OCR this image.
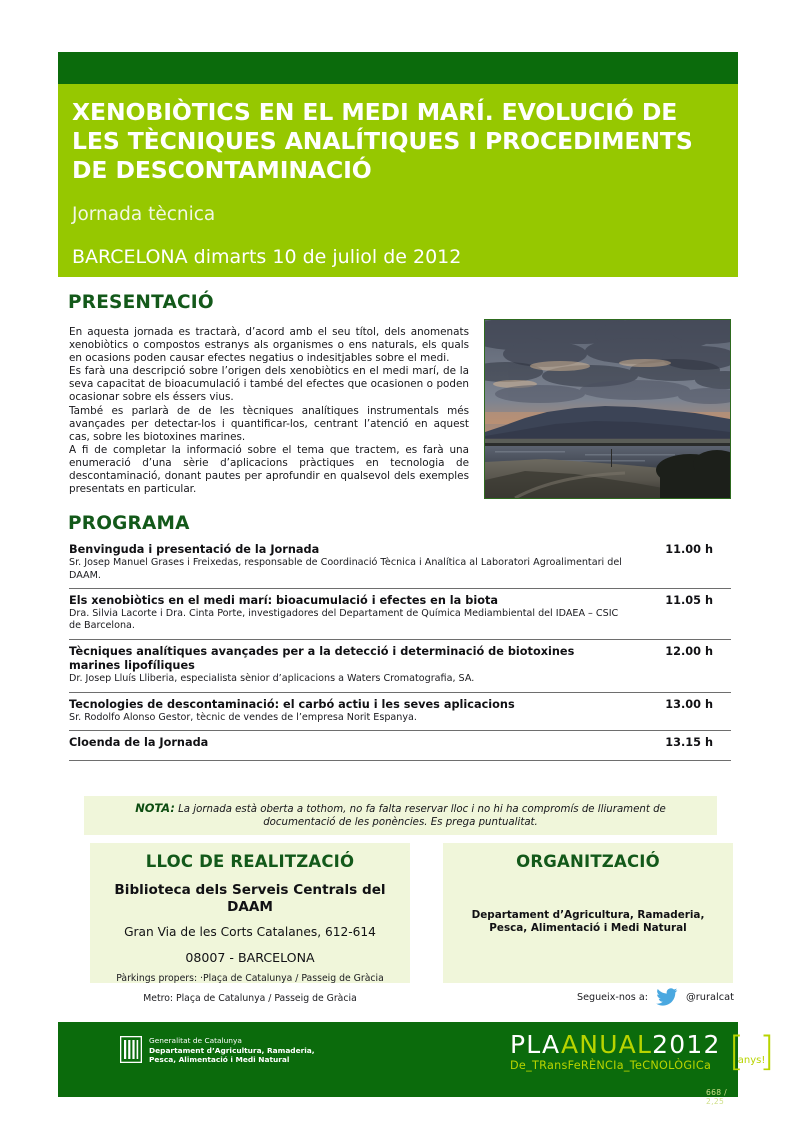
XENOBIÒTICS EN EL MEDI MARÍ. EVOLUCIÓ DE LES TÈCNIQUES ANALÍTIQUES I PROCEDIMENTS DE DESCONTAMINACIÓ
Jornada tècnica
BARCELONA dimarts 10 de juliol de 2012
PRESENTACIÓ

En aquesta jornada es tractarà, d’acord amb el seu títol, dels anomenats xenobiòtics o compostos estranys als organismes o ens naturals, els quals en ocasions poden causar efectes negatius o indesitjables sobre el medi.

Es farà una descripció sobre l’origen dels xenobiòtics en el medi marí, de la seva capacitat de bioacumulació i també del efectes que ocasionen o poden ocasionar sobre els éssers vius.

També es parlarà de de les tècniques analítiques instrumentals més avançades per detectar-los i quantificar-los, centrant l’atenció en aquest cas, sobre les biotoxines marines.

A fi de completar la informació sobre el tema que tractem, es farà una enumeració d’una sèrie d’aplicacions pràctiques en tecnologia de descontaminació, donant pautes per aprofundir en qualsevol dels exemples presentats en particular.

PROGRAMA
Benvinguda i presentació de la Jornada
Sr. Josep Manuel Grases i Freixedas, responsable de Coordinació Tècnica i Analítica al Laboratori Agroalimentari del DAAM.
11.00 h
Els xenobiòtics en el medi marí: bioacumulació i efectes en la biota
Dra. Silvia Lacorte i Dra. Cinta Porte, investigadores del Departament de Química Mediambiental del IDAEA – CSIC de Barcelona.
11.05 h
Tècniques analítiques avançades per a la detecció i determinació de biotoxines marines lipofíliques
Dr. Josep Lluís Lliberia, especialista sènior d’aplicacions a Waters Cromatografia, SA.
12.00 h
Tecnologies de descontaminació: el carbó actiu i les seves aplicacions
Sr. Rodolfo Alonso Gestor, tècnic de vendes de l’empresa Norit Espanya.
13.00 h
Cloenda de la Jornada	13.15 h
NOTA: La jornada està oberta a tothom, no fa falta reservar lloc i no hi ha compromís de lliurament de documentació de les ponències. Es prega puntualitat.
LLOC DE REALITZACIÓ
Biblioteca dels Serveis Centrals del DAAM
Gran Via de les Corts Catalanes, 612-614
08007 - BARCELONA
Pàrkings propers: ·Plaça de Catalunya / Passeig de Gràcia
Metro: Plaça de Catalunya / Passeig de Gràcia
ORGANITZACIÓ
Departament d’Agricultura, Ramaderia,
Pesca, Alimentació i Medi Natural
Segueix-nos a:	@ruralcat
Generalitat de Catalunya
Departament d’Agricultura, Ramaderia,
Pesca, Alimentació i Medi Natural
PLAANUAL2012
De_TRansFeRÈNCIa_TeCNOLÒGICa [ ]
10
anys!
668 / 2,25
